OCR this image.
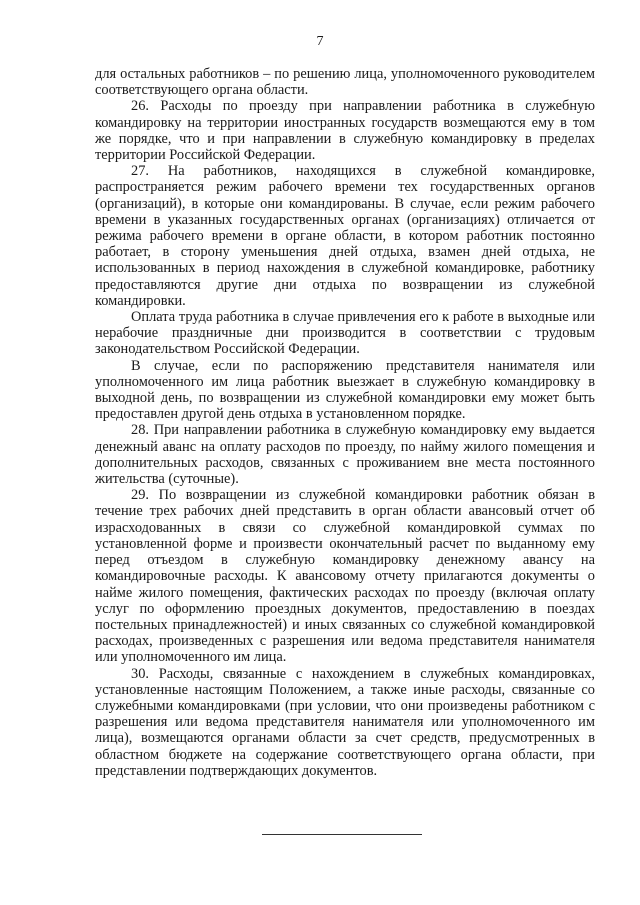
7

для остальных работников – по решению лица, уполномоченного руководителем соответствующего органа области.

26. Расходы по проезду при направлении работника в служебную командировку на территории иностранных государств возмещаются ему в том же порядке, что и при направлении в служебную командировку в пределах территории Российской Федерации.

27. На работников, находящихся в служебной командировке, распространяется режим рабочего времени тех государственных органов (организаций), в которые они командированы. В случае, если режим рабочего времени в указанных государственных органах (организациях) отличается от режима рабочего времени в органе области, в котором работник постоянно работает, в сторону уменьшения дней отдыха, взамен дней отдыха, не использованных в период нахождения в служебной командировке, работнику предоставляются другие дни отдыха по возвращении из служебной командировки.

Оплата труда работника в случае привлечения его к работе в выходные или нерабочие праздничные дни производится в соответствии с трудовым законодательством Российской Федерации.

В случае, если по распоряжению представителя нанимателя или уполномоченного им лица работник выезжает в служебную командировку в выходной день, по возвращении из служебной командировки ему может быть предоставлен другой день отдыха в установленном порядке.

28. При направлении работника в служебную командировку ему выдается денежный аванс на оплату расходов по проезду, по найму жилого помещения и дополнительных расходов, связанных с проживанием вне места постоянного жительства (суточные).

29. По возвращении из служебной командировки работник обязан в течение трех рабочих дней представить в орган области авансовый отчет об израсходованных в связи со служебной командировкой суммах по установленной форме и произвести окончательный расчет по выданному ему перед отъездом в служебную командировку денежному авансу на командировочные расходы. К авансовому отчету прилагаются документы о найме жилого помещения, фактических расходах по проезду (включая оплату услуг по оформлению проездных документов, предоставлению в поездах постельных принадлежностей) и иных связанных со служебной командировкой расходах, произведенных с разрешения или ведома представителя нанимателя или уполномоченного им лица.

30. Расходы, связанные с нахождением в служебных командировках, установленные настоящим Положением, а также иные расходы, связанные со служебными командировками (при условии, что они произведены работником с разрешения или ведома представителя нанимателя или уполномоченного им лица), возмещаются органами области за счет средств, предусмотренных в областном бюджете на содержание соответствующего органа области, при представлении подтверждающих документов.
